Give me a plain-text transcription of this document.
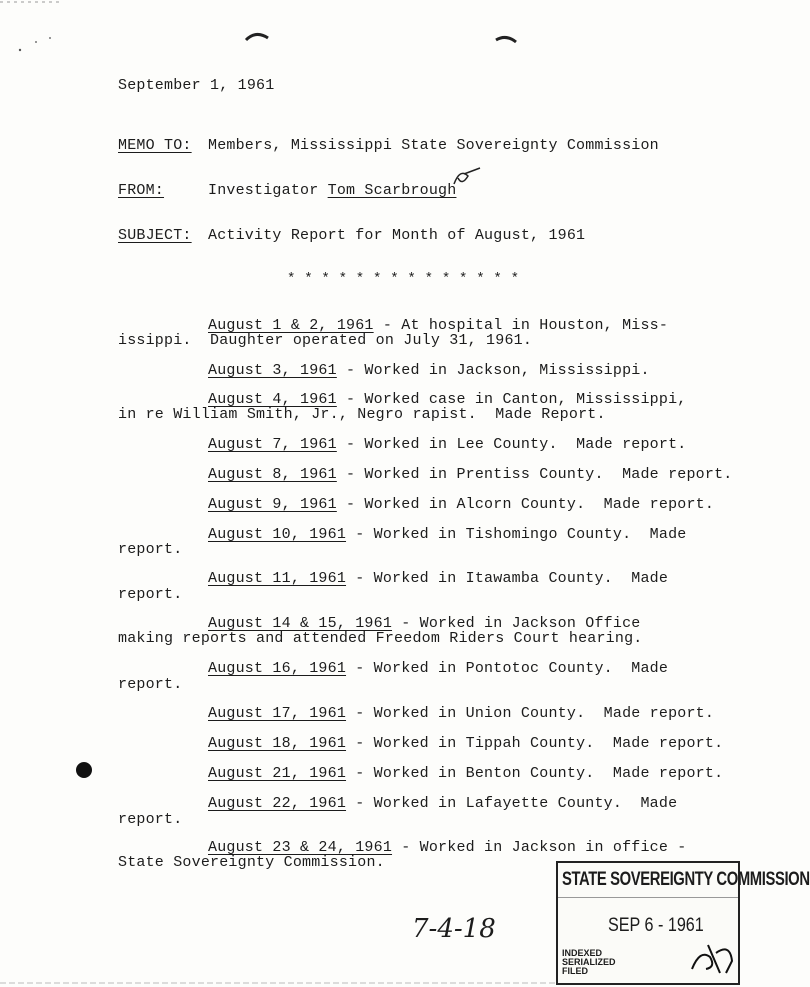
September 1, 1961
MEMO TO: Members, Mississippi State Sovereignty Commission
FROM:	Investigator Tom Scarbrough
SUBJECT: Activity Report for Month of August, 1961
* * * * * * * * * * * * * *
August 1 & 2, 1961 - At hospital in Houston, Miss-
issippi.  Daughter operated on July 31, 1961.
August 3, 1961 - Worked in Jackson, Mississippi.
August 4, 1961 - Worked case in Canton, Mississippi,
in re William Smith, Jr., Negro rapist.  Made Report.
August 7, 1961 - Worked in Lee County.  Made report.
August 8, 1961 - Worked in Prentiss County.  Made report.
August 9, 1961 - Worked in Alcorn County.  Made report.
August 10, 1961 - Worked in Tishomingo County.  Made
report.
August 11, 1961 - Worked in Itawamba County.  Made
report.
August 14 & 15, 1961 - Worked in Jackson Office
making reports and attended Freedom Riders Court hearing.
August 16, 1961 - Worked in Pontotoc County.  Made
report.
August 17, 1961 - Worked in Union County.  Made report.
August 18, 1961 - Worked in Tippah County.  Made report.
August 21, 1961 - Worked in Benton County.  Made report.
August 22, 1961 - Worked in Lafayette County.  Made
report.
August 23 & 24, 1961 - Worked in Jackson in office -
State Sovereignty Commission.
7-4-18
STATE SOVEREIGNTY COMMISSION
SEP 6 - 1961
INDEXED
SERIALIZED
FILED
